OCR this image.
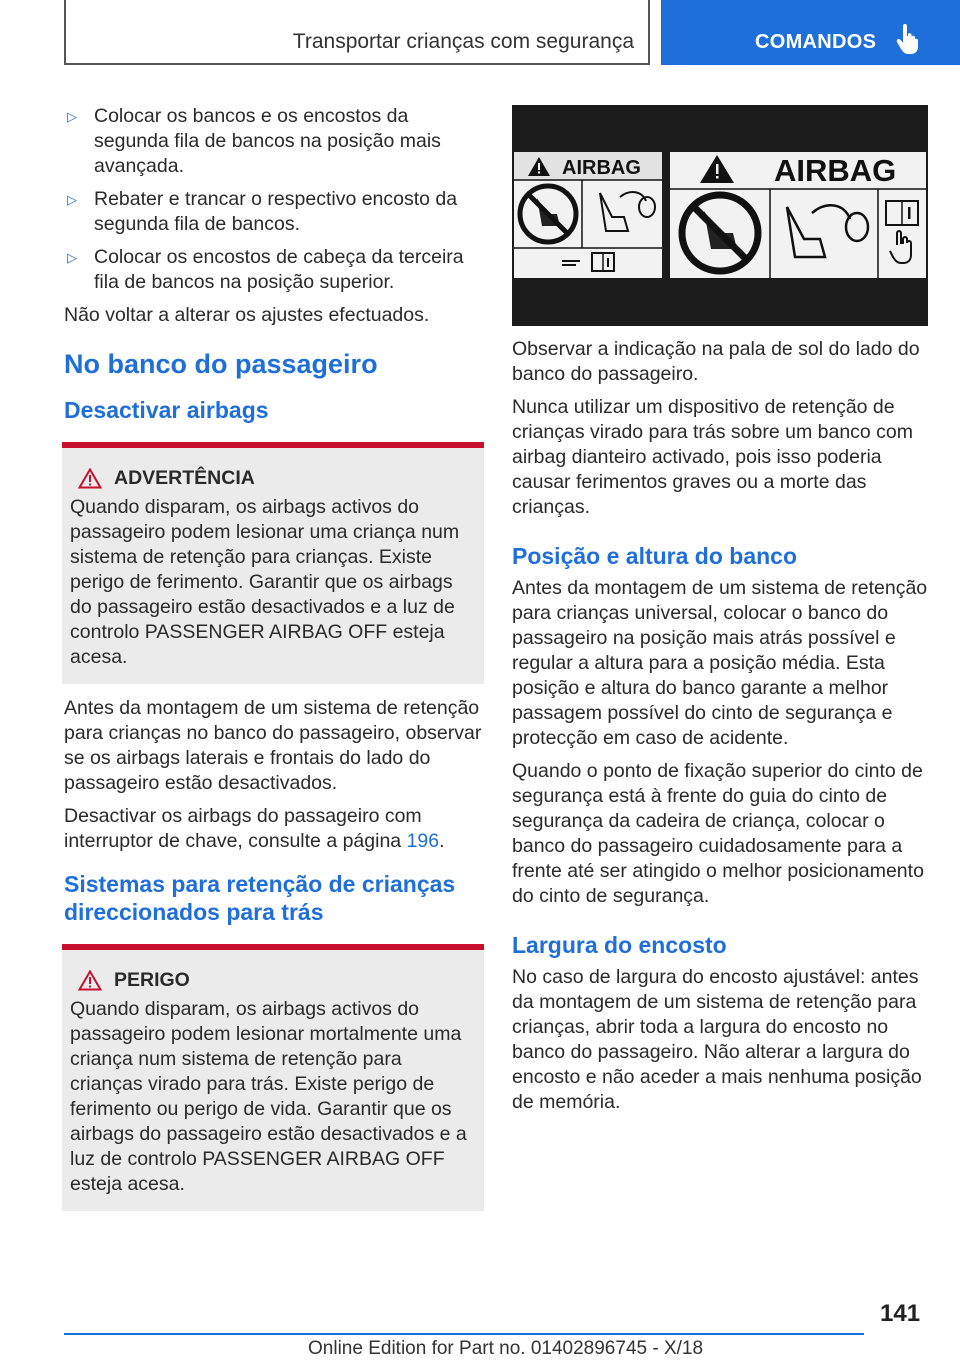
Transportar crianças com segurança	COMANDOS
▷ Colocar os bancos e os encostos da segunda fila de bancos na posição mais avançada.
▷ Rebater e trancar o respectivo encosto da segunda fila de bancos.
▷ Colocar os encostos de cabeça da terceira fila de bancos na posição superior.

Não voltar a alterar os ajustes efectuados.

No banco do passageiro
Desactivar airbags
ADVERTÊNCIA
Quando disparam, os airbags activos do passageiro podem lesionar uma criança num sistema de retenção para crianças. Existe perigo de ferimento. Garantir que os airbags do passageiro estão desactivados e a luz de controlo PASSENGER AIRBAG OFF esteja acesa.

Antes da montagem de um sistema de retenção para crianças no banco do passageiro, observar se os airbags laterais e frontais do lado do passageiro estão desactivados.

Desactivar os airbags do passageiro com interruptor de chave, consulte a página 196.

Sistemas para retenção de crianças direccionados para trás
PERIGO
Quando disparam, os airbags activos do passageiro podem lesionar mortalmente uma criança num sistema de retenção para crianças virado para trás. Existe perigo de ferimento ou perigo de vida. Garantir que os airbags do passageiro estão desactivados e a luz de controlo PASSENGER AIRBAG OFF esteja acesa.
AIRBAG	AIRBAG

Observar a indicação na pala de sol do lado do banco do passageiro.

Nunca utilizar um dispositivo de retenção de crianças virado para trás sobre um banco com airbag dianteiro activado, pois isso poderia causar ferimentos graves ou a morte das crianças.

Posição e altura do banco

Antes da montagem de um sistema de retenção para crianças universal, colocar o banco do passageiro na posição mais atrás possível e regular a altura para a posição média. Esta posição e altura do banco garante a melhor passagem possível do cinto de segurança e protecção em caso de acidente.

Quando o ponto de fixação superior do cinto de segurança está à frente do guia do cinto de segurança da cadeira de criança, colocar o banco do passageiro cuidadosamente para a frente até ser atingido o melhor posicionamento do cinto de segurança.

Largura do encosto

No caso de largura do encosto ajustável: antes da montagem de um sistema de retenção para crianças, abrir toda a largura do encosto no banco do passageiro. Não alterar a largura do encosto e não aceder a mais nenhuma posição de memória.

141
Online Edition for Part no. 01402896745 - X/18
